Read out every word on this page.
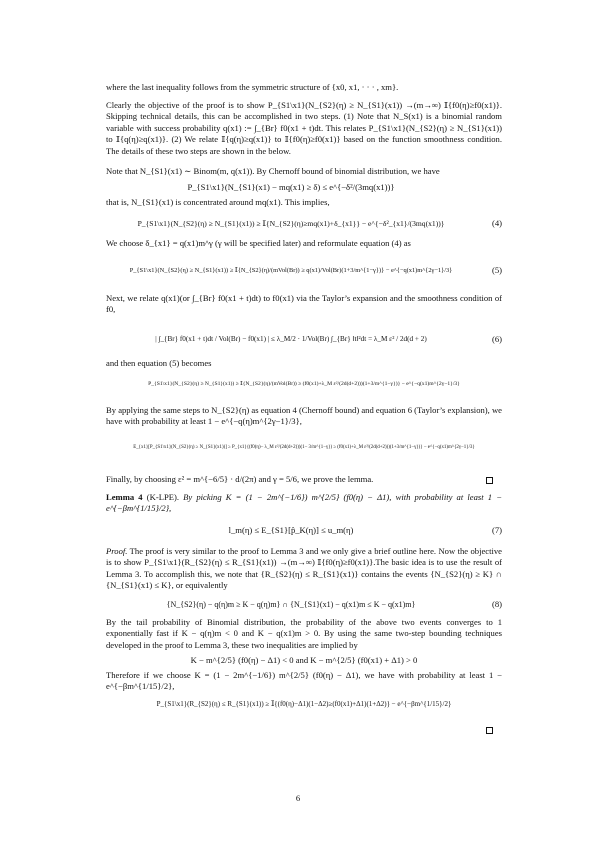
where the last inequality follows from the symmetric structure of {x0, x1, · · · , xm}.

Clearly the objective of the proof is to show P_{S1\x1}(N_{S2}(η) ≥ N_{S1}(x1)) →(m→∞) 𝕀{f0(η)≥f0(x1)}. Skipping technical details, this can be accomplished in two steps. (1) Note that N_S(x1) is a binomial random variable with success probability q(x1) := ∫_{Br} f0(x1 + t)dt. This relates P_{S1\x1}(N_{S2}(η) ≥ N_{S1}(x1)) to 𝕀{q(η)≥q(x1)}. (2) We relate 𝕀{q(η)≥q(x1)} to 𝕀{f0(η)≥f0(x1)} based on the function smoothness condition. The details of these two steps are shown in the below.

Note that N_{S1}(x1) ∼ Binom(m, q(x1)). By Chernoff bound of binomial distribution, we have

P_{S1\x1}(N_{S1}(x1) − mq(x1) ≥ δ) ≤ e^{−δ²/(3mq(x1))}

that is, N_{S1}(x1) is concentrated around mq(x1). This implies,

P_{S1\x1}(N_{S2}(η) ≥ N_{S1}(x1)) ≥ 𝕀{N_{S2}(η)≥mq(x1)+δ_{x1}} − e^{−δ²_{x1}/(3mq(x1))}	(4)

We choose δ_{x1} = q(x1)m^γ (γ will be specified later) and reformulate equation (4) as

P_{S1\x1}(N_{S2}(η) ≥ N_{S1}(x1)) ≥ 𝕀{N_{S2}(η)/(mVol(Br)) ≥ q(x1)/Vol(Br)(1+3/m^{1−γ})} − e^{−q(x1)m^{2γ−1}/3}	(5)

Next, we relate q(x1)(or ∫_{Br} f0(x1 + t)dt) to f0(x1) via the Taylor’s expansion and the smoothness condition of f0,

| ∫_{Br} f0(x1 + t)dt / Vol(Br) − f0(x1) | ≤ λ_M/2 · 1/Vol(Br) ∫_{Br} ‖t‖²dt = λ_M ε² / 2d(d + 2)	(6)

and then equation (5) becomes

P_{S1\x1}(N_{S2}(η) ≥ N_{S1}(x1)) ≥ 𝕀{N_{S2}(η)/(mVol(Br)) ≥ (f0(x1)+λ_M ε²/(2d(d+2)))(1+3/m^{1−γ})} − e^{−q(x1)m^{2γ−1}/3}

By applying the same steps to N_{S2}(η) as equation 4 (Chernoff bound) and equation 6 (Taylor’s explansion), we have with probability at least 1 − e^{−q(η)m^{2γ−1}/3},

E_{x1}[P_{S1\x1}(N_{S2}(η) ≥ N_{S1}(x1))] ≥ P_{x1}{(f0(η)− λ_M ε²/(2d(d+2)))(1− 3/m^{1−γ}) ≥ (f0(x1)+λ_M ε²/(2d(d+2)))(1+3/m^{1−γ})} − e^{−q(x1)m^{2γ−1}/3}

Finally, by choosing ε² = m^{−6/5} · d/(2π) and γ = 5/6, we prove the lemma.

Lemma 4 (K-LPE). By picking K = (1 − 2m^{−1/6}) m^{2/5} (f0(η) − Δ1), with probability at least 1 − e^{−βm^{1/15}/2},

l_m(η) ≤ E_{S1}[p̂_K(η)] ≤ u_m(η)	(7)

Proof. The proof is very similar to the proof to Lemma 3 and we only give a brief outline here. Now the objective is to show P_{S1\x1}(R_{S2}(η) ≤ R_{S1}(x1)) →(m→∞) 𝕀{f0(η)≥f0(x1)}.The basic idea is to use the result of Lemma 3. To accomplish this, we note that {R_{S2}(η) ≤ R_{S1}(x1)} contains the events {N_{S2}(η) ≥ K} ∩ {N_{S1}(x1) ≤ K}, or equivalently

{N_{S2}(η) − q(η)m ≥ K − q(η)m} ∩ {N_{S1}(x1) − q(x1)m ≤ K − q(x1)m}	(8)

By the tail probability of Binomial distribution, the probability of the above two events converges to 1 exponentially fast if K − q(η)m < 0 and K − q(x1)m > 0. By using the same two-step bounding techniques developed in the proof to Lemma 3, these two inequalities are implied by

K − m^{2/5} (f0(η) − Δ1) < 0 and K − m^{2/5} (f0(x1) + Δ1) > 0

Therefore if we choose K = (1 − 2m^{−1/6}) m^{2/5} (f0(η) − Δ1), we have with probability at least 1 − e^{−βm^{1/15}/2},

P_{S1\x1}(R_{S2}(η) ≤ R_{S1}(x1)) ≥ 𝕀{(f0(η)−Δ1)(1−Δ2)≥(f0(x1)+Δ1)(1+Δ2)} − e^{−βm^{1/15}/2}
6
